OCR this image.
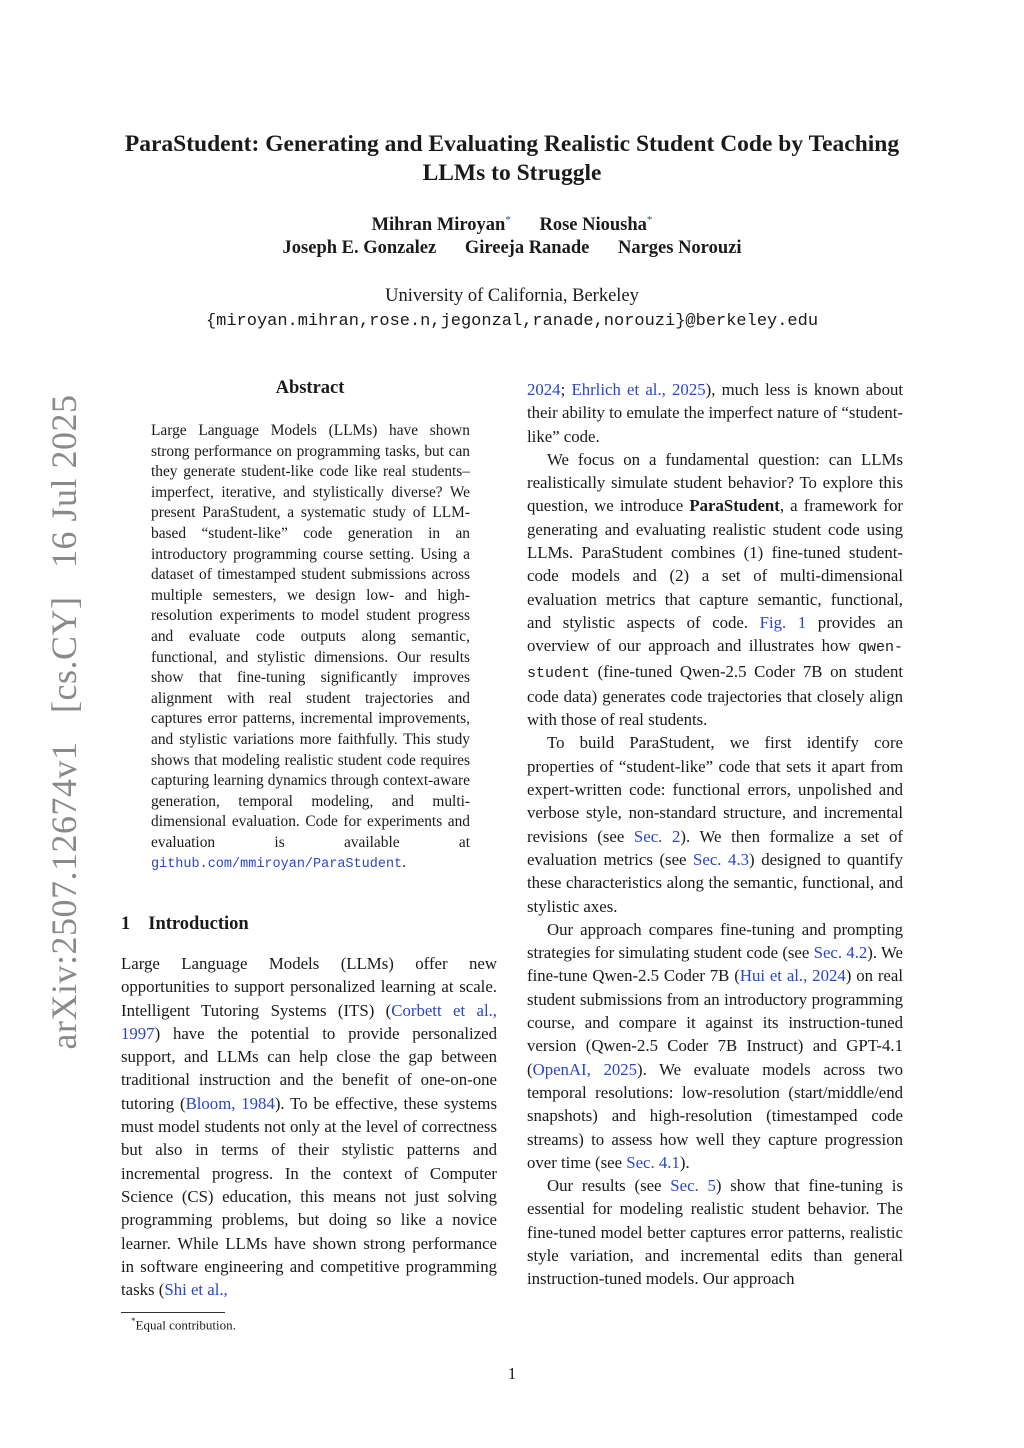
arXiv:2507.12674v1   [cs.CY]   16 Jul 2025
ParaStudent: Generating and Evaluating Realistic Student Code by Teaching LLMs to Struggle
Mihran Miroyan* Rose Niousha*
Joseph E. Gonzalez Gireeja Ranade Narges Norouzi
University of California, Berkeley
{miroyan.mihran,rose.n,jegonzal,ranade,norouzi}@berkeley.edu
Abstract

Large Language Models (LLMs) have shown strong performance on programming tasks, but can they generate student-like code like real students–imperfect, iterative, and stylistically diverse? We present ParaStudent, a systematic study of LLM-based “student-like” code generation in an introductory programming course setting. Using a dataset of timestamped student submissions across multiple semesters, we design low- and high-resolution experiments to model student progress and evaluate code outputs along semantic, functional, and stylistic dimensions. Our results show that fine-tuning significantly improves alignment with real student trajectories and captures error patterns, incremental improvements, and stylistic variations more faithfully. This study shows that modeling realistic student code requires capturing learning dynamics through context-aware generation, temporal modeling, and multi-dimensional evaluation. Code for experiments and evaluation is available at github.com/mmiroyan/ParaStudent.

1 Introduction

Large Language Models (LLMs) offer new opportunities to support personalized learning at scale. Intelligent Tutoring Systems (ITS) (Corbett et al., 1997) have the potential to provide personalized support, and LLMs can help close the gap between traditional instruction and the benefit of one-on-one tutoring (Bloom, 1984). To be effective, these systems must model students not only at the level of correctness but also in terms of their stylistic patterns and incremental progress. In the context of Computer Science (CS) education, this means not just solving programming problems, but doing so like a novice learner. While LLMs have shown strong performance in software engineering and competitive programming tasks (Shi et al.,

*Equal contribution.

2024; Ehrlich et al., 2025), much less is known about their ability to emulate the imperfect nature of “student-like” code.

We focus on a fundamental question: can LLMs realistically simulate student behavior? To explore this question, we introduce ParaStudent, a framework for generating and evaluating realistic student code using LLMs. ParaStudent combines (1) fine-tuned student-code models and (2) a set of multi-dimensional evaluation metrics that capture semantic, functional, and stylistic aspects of code. Fig. 1 provides an overview of our approach and illustrates how qwen-student (fine-tuned Qwen-2.5 Coder 7B on student code data) generates code trajectories that closely align with those of real students.

To build ParaStudent, we first identify core properties of “student-like” code that sets it apart from expert-written code: functional errors, unpolished and verbose style, non-standard structure, and incremental revisions (see Sec. 2). We then formalize a set of evaluation metrics (see Sec. 4.3) designed to quantify these characteristics along the semantic, functional, and stylistic axes.

Our approach compares fine-tuning and prompting strategies for simulating student code (see Sec. 4.2). We fine-tune Qwen-2.5 Coder 7B (Hui et al., 2024) on real student submissions from an introductory programming course, and compare it against its instruction-tuned version (Qwen-2.5 Coder 7B Instruct) and GPT-4.1 (OpenAI, 2025). We evaluate models across two temporal resolutions: low-resolution (start/middle/end snapshots) and high-resolution (timestamped code streams) to assess how well they capture progression over time (see Sec. 4.1).

Our results (see Sec. 5) show that fine-tuning is essential for modeling realistic student behavior. The fine-tuned model better captures error patterns, realistic style variation, and incremental edits than general instruction-tuned models. Our approach

1
